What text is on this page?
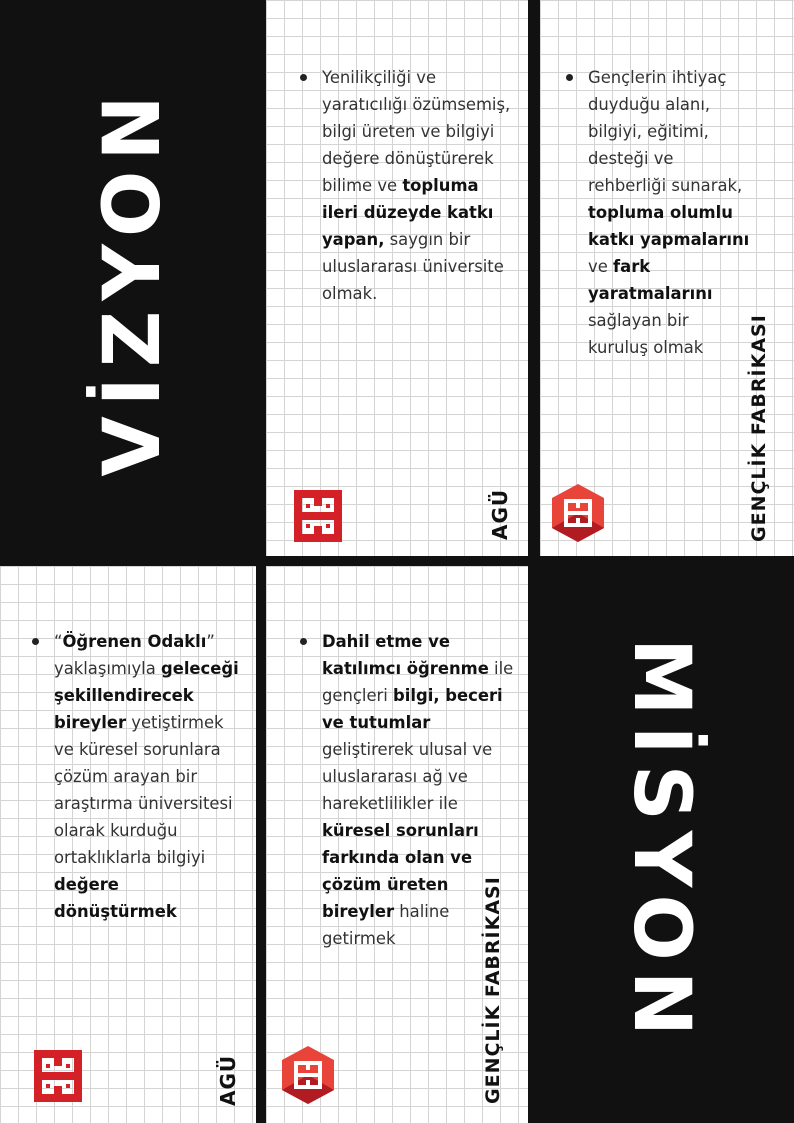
VİZYON

Yenilikçiliği ve yaratıcılığı özümsemiş, bilgi üreten ve bilgiyi değere dönüştürerek bilime ve topluma ileri düzeyde katkı yapan, saygın bir uluslararası üniversite olmak.

AGÜ

Gençlerin ihtiyaç duyduğu alanı, bilgiyi, eğitimi, desteği ve rehberliği sunarak, topluma olumlu katkı yapmalarını ve fark yaratmalarını sağlayan bir kuruluş olmak	GENÇLİK FABRİKASI

“Öğrenen Odaklı” yaklaşımıyla geleceği şekillendirecek bireyler yetiştirmek ve küresel sorunlara çözüm arayan bir araştırma üniversitesi olarak kurduğu ortaklıklarla bilgiyi değere dönüştürmek

AGÜ

Dahil etme ve katılımcı öğrenme ile gençleri bilgi, beceri ve tutumlar geliştirerek ulusal ve uluslararası ağ ve hareketlilikler ile küresel sorunları farkında olan ve çözüm üreten bireyler haline getirmek	GENÇLİK FABRİKASI MİSYON
